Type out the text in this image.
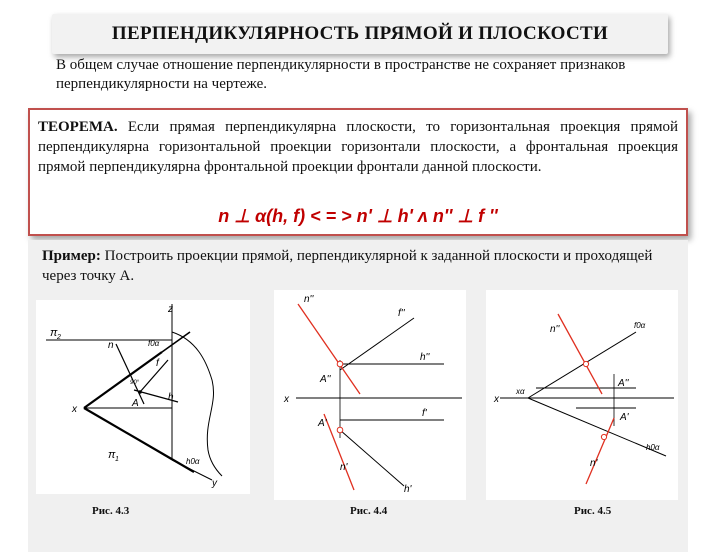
ПЕРПЕНДИКУЛЯРНОСТЬ ПРЯМОЙ И ПЛОСКОСТИ
В общем случае отношение перпендикулярности в пространстве не сохраняет признаков перпендикулярности на чертеже.
ТЕОРЕМА. Если прямая перпендикулярна плоскости, то горизонтальная проекция прямой перпендикулярна горизонтальной проекции горизонтали плоскости, а фронтальная проекция прямой перпендикулярна фронтальной проекции фронтали данной плоскости.
n ⊥ α(h, f) < = > n' ⊥ h' ʌ n'' ⊥ f ''
Пример: Построить проекции прямой, перпендикулярной к заданной плоскости и проходящей через точку А.
z
π 2
n	f0α
f
90°
A
h
x
π 1	h0α
y
Рис. 4.3
n''
f''
h''
A''
x
A'
f'
n'
h'
Рис. 4.4
n''	f0α
xα
A''
x
A'
n'
h0α
Рис. 4.5
